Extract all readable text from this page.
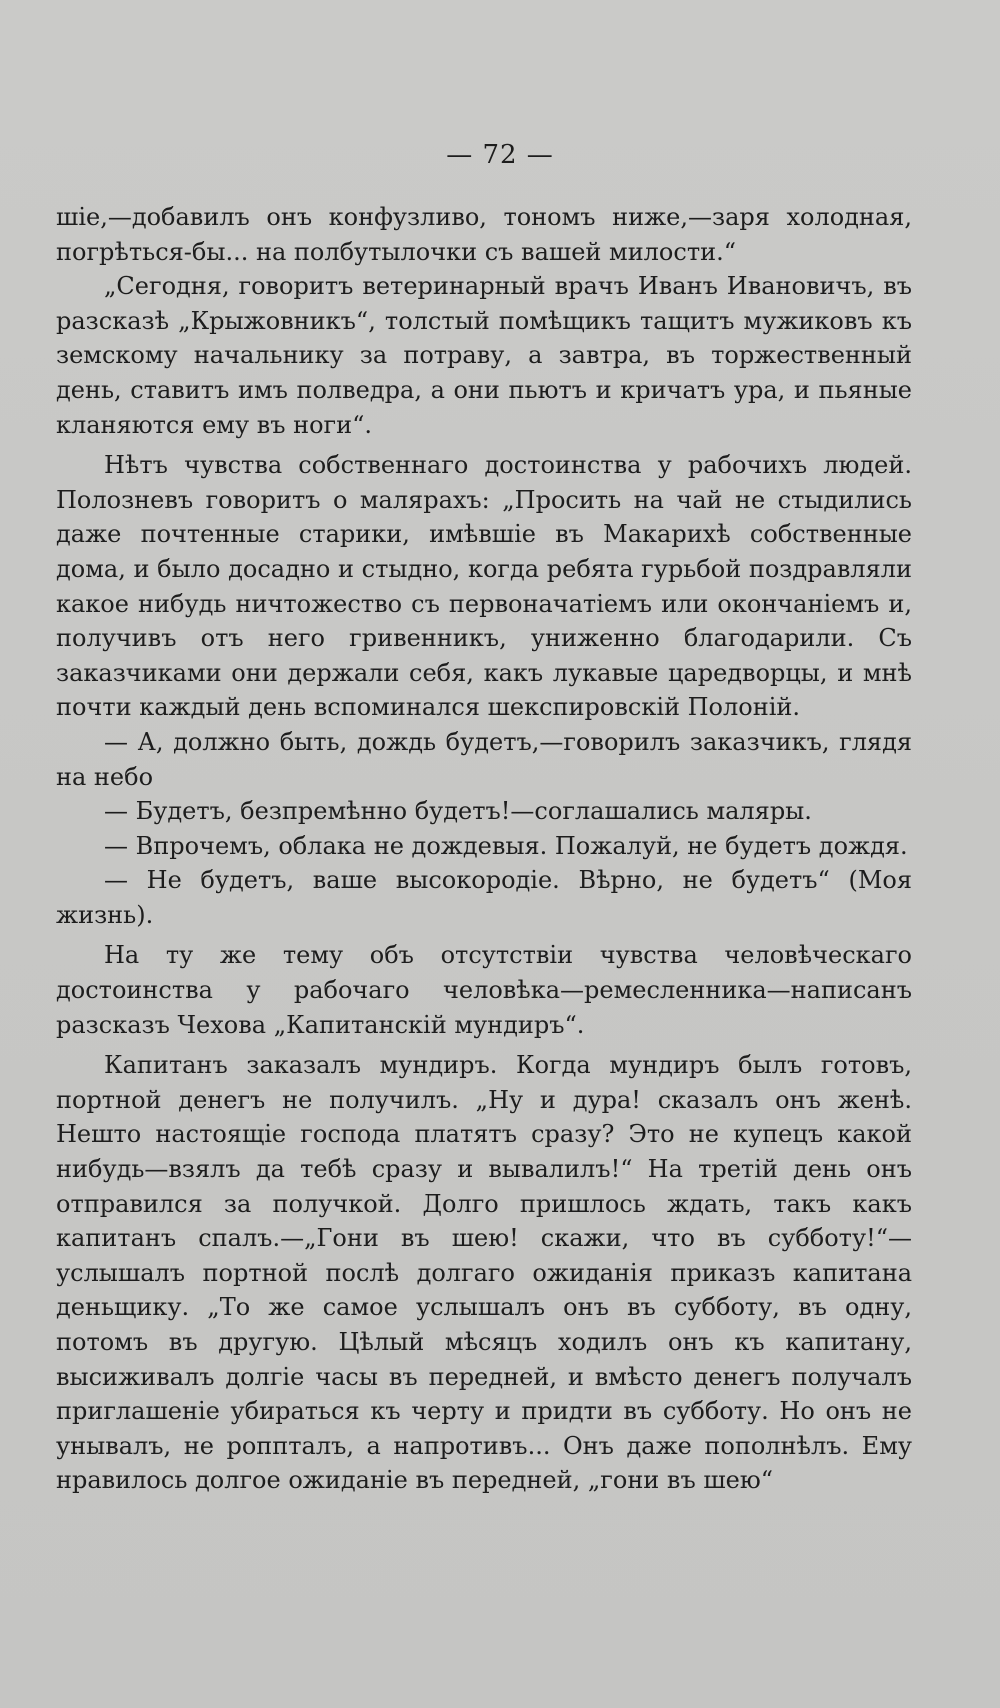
— 72 —

шіе,—добавилъ онъ конфузливо, тономъ ниже,—заря холодная, погрѣться-бы... на полбутылочки съ вашей милости.“

„Сегодня, говоритъ ветеринарный врачъ Иванъ Ивановичъ, въ разсказѣ „Крыжовникъ“, толстый помѣщикъ тащитъ мужиковъ къ земскому начальнику за потраву, а завтра, въ торжественный день, ставитъ имъ полведра, а они пьютъ и кричатъ ура, и пьяные кланяются ему въ ноги“.

Нѣтъ чувства собственнаго достоинства у рабочихъ людей. Полозневъ говоритъ о малярахъ: „Просить на чай не стыдились даже почтенные старики, имѣвшіе въ Макарихѣ собственные дома, и было досадно и стыдно, когда ребята гурьбой поздравляли какое нибудь ничтожество съ первоначатіемъ или окончаніемъ и, получивъ отъ него гривенникъ, униженно благодарили. Съ заказчиками они держали себя, какъ лукавые царедворцы, и мнѣ почти каждый день вспоминался шекспировскій Полоній.

— А, должно быть, дождь будетъ,—говорилъ заказчикъ, глядя на небо

— Будетъ, безпремѣнно будетъ!—соглашались маляры.

— Впрочемъ, облака не дождевыя. Пожалуй, не будетъ дождя.

— Не будетъ, ваше высокородіе. Вѣрно, не будетъ“ (Моя жизнь).

На ту же тему объ отсутствіи чувства человѣческаго достоинства у рабочаго человѣка—ремесленника—написанъ разсказъ Чехова „Капитанскій мундиръ“.

Капитанъ заказалъ мундиръ. Когда мундиръ былъ готовъ, портной денегъ не получилъ. „Ну и дура! сказалъ онъ женѣ. Нешто настоящіе господа платятъ сразу? Это не купецъ какой нибудь—взялъ да тебѣ сразу и вывалилъ!“ На третій день онъ отправился за получкой. Долго пришлось ждать, такъ какъ капитанъ спалъ.—„Гони въ шею! скажи, что въ субботу!“— услышалъ портной послѣ долгаго ожиданія приказъ капитана деньщику. „То же самое услышалъ онъ въ субботу, въ одну, потомъ въ другую. Цѣлый мѣсяцъ ходилъ онъ къ капитану, высиживалъ долгіе часы въ передней, и вмѣсто денегъ получалъ приглашеніе убираться къ черту и придти въ субботу. Но онъ не унывалъ, не роппталъ, а напротивъ... Онъ даже пополнѣлъ. Ему нравилось долгое ожиданіе въ передней, „гони въ шею“
